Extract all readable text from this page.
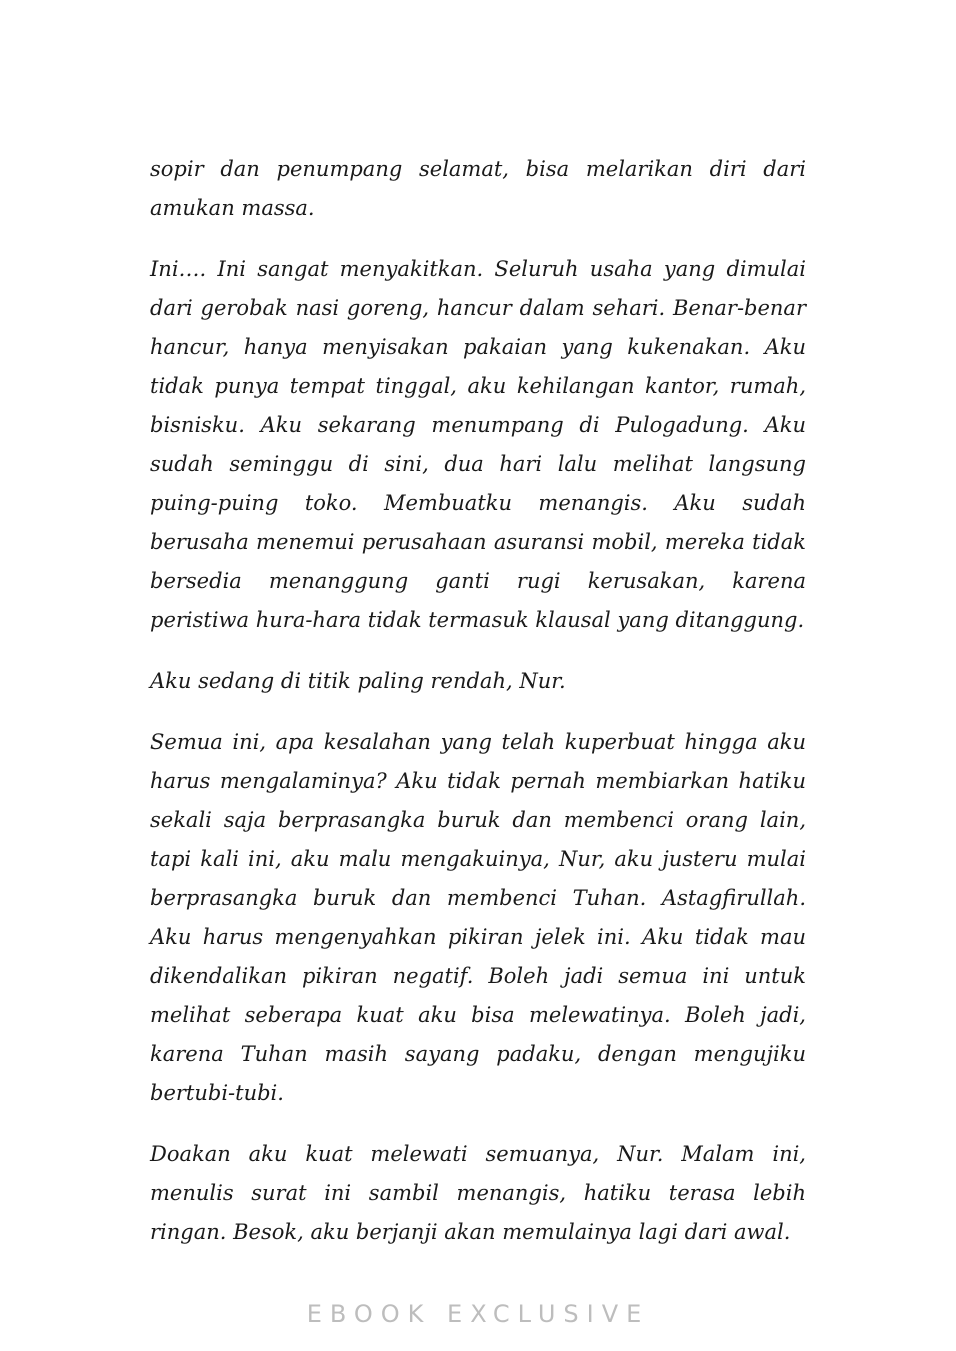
sopir dan penumpang selamat, bisa melarikan diri dari amukan massa.

Ini…. Ini sangat menyakitkan. Seluruh usaha yang dimulai dari gerobak nasi goreng, hancur dalam sehari. Benar-benar hancur, hanya menyisakan pakaian yang kukenakan. Aku tidak punya tempat tinggal, aku kehilangan kantor, rumah, bisnisku. Aku sekarang menumpang di Pulogadung. Aku sudah seminggu di sini, dua hari lalu melihat langsung puing-puing toko. Membuatku menangis. Aku sudah berusaha menemui perusahaan asuransi mobil, mereka tidak bersedia menanggung ganti rugi kerusakan, karena peristiwa hura-hara tidak termasuk klausal yang ditanggung.

Aku sedang di titik paling rendah, Nur.

Semua ini, apa kesalahan yang telah kuperbuat hingga aku harus mengalaminya? Aku tidak pernah membiarkan hatiku sekali saja berprasangka buruk dan membenci orang lain, tapi kali ini, aku malu mengakuinya, Nur, aku justeru mulai berprasangka buruk dan membenci Tuhan. Astagfirullah. Aku harus mengenyahkan pikiran jelek ini. Aku tidak mau dikendalikan pikiran negatif. Boleh jadi semua ini untuk melihat seberapa kuat aku bisa melewatinya. Boleh jadi, karena Tuhan masih sayang padaku, dengan mengujiku bertubi-tubi.

Doakan aku kuat melewati semuanya, Nur. Malam ini, menulis surat ini sambil menangis, hatiku terasa lebih ringan. Besok, aku berjanji akan memulainya lagi dari awal.

EBOOK EXCLUSIVE
